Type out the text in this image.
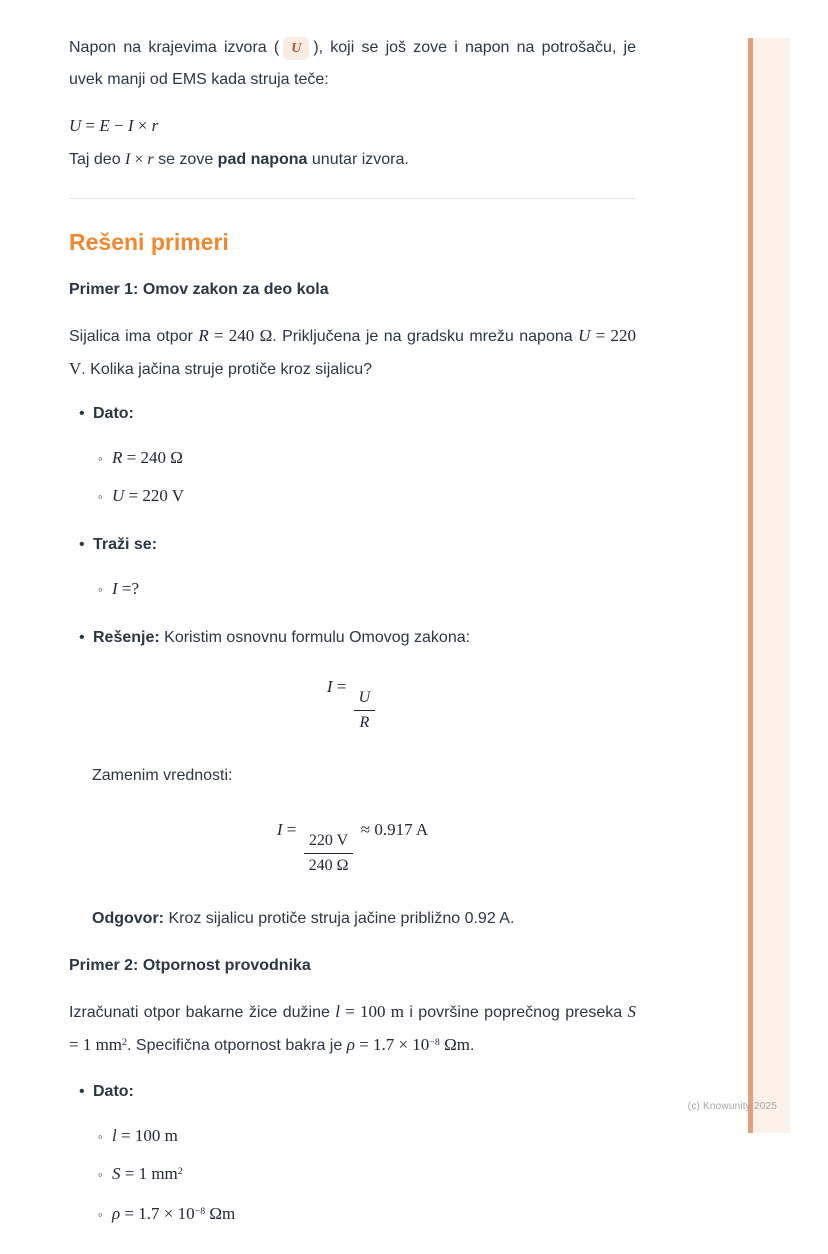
(c) Knowunity 2025

Napon na krajevima izvora ( U ), koji se još zove i napon na potrošaču, je uvek manji od EMS kada struja teče:

U = E − I × r

Taj deo I × r se zove pad napona unutar izvora.

Rešeni primeri
Primer 1: Omov zakon za deo kola

Sijalica ima otpor R = 240 Ω. Priključena je na gradsku mrežu napona U = 220 V. Kolika jačina struje protiče kroz sijalicu?

• Dato:
◦ R = 240 Ω
◦ U = 220 V
• Traži se:
◦ I =?
• Rešenje: Koristim osnovnu formulu Omovog zakona:
I =
$\frac{U}{R}$

Zamenim vrednosti:

I =
$\frac{220 V}{240 \Omega}$
≈ 0.917 A

Odgovor: Kroz sijalicu protiče struja jačine približno 0.92 A.

Primer 2: Otpornost provodnika

Izračunati otpor bakarne žice dužine l = 100 m i površine poprečnog preseka S = 1 $mm^2$. Specifična otpornost bakra je $\rho = 1.7 \times 10^{-8}$ Ωm.

• Dato:
◦ l = 100 m
◦ S = 1 $mm^2$
◦ $\rho = 1.7 \times 10^{-8}$ Ωm
